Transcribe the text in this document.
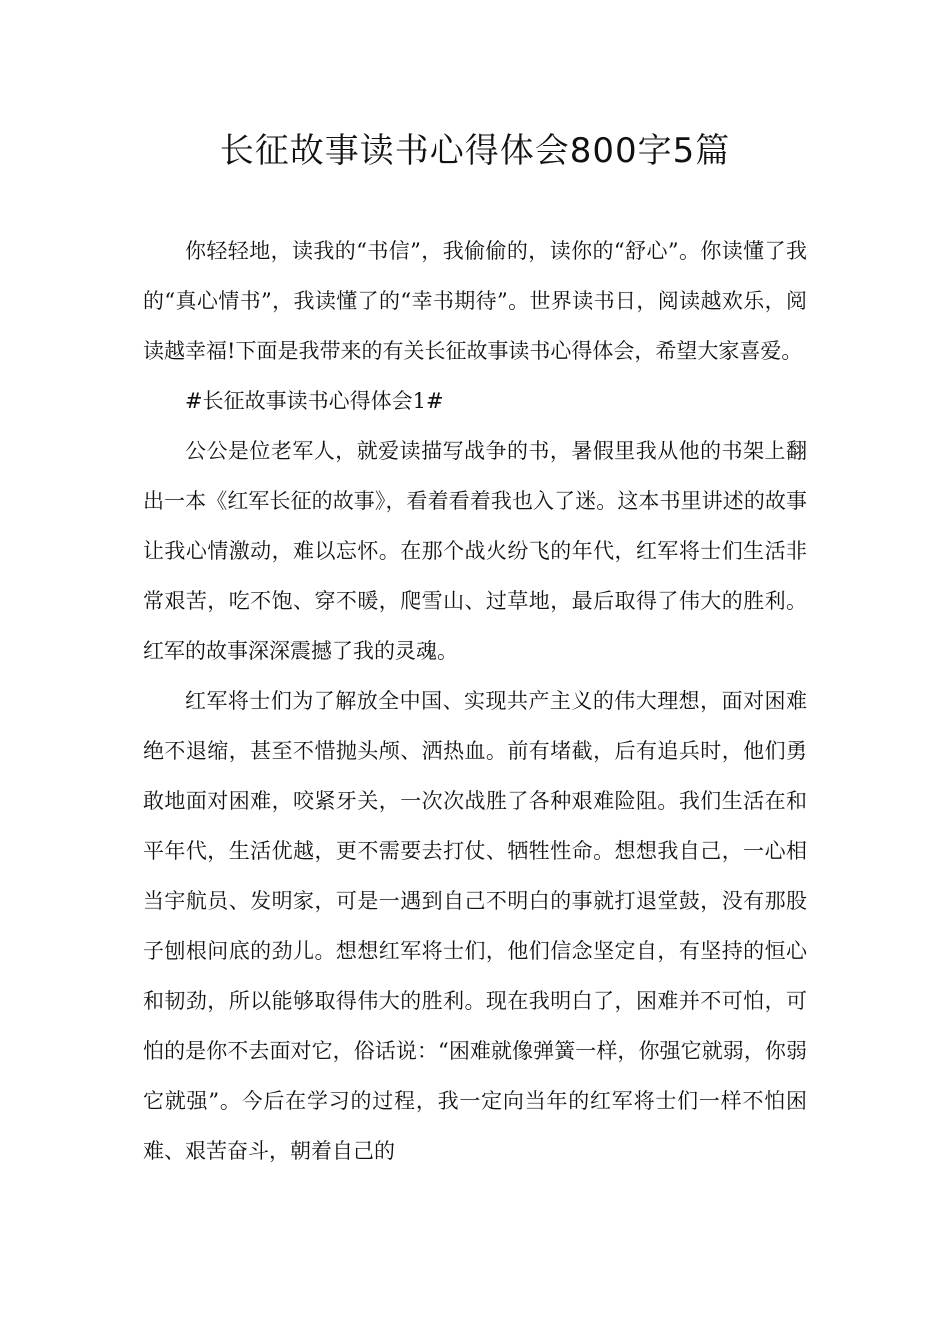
长征故事读书心得体会800字5篇

你轻轻地，读我的“书信”，我偷偷的，读你的“舒心”。你读懂了我的“真心情书”，我读懂了的“幸书期待”。世界读书日，阅读越欢乐，阅读越幸福!下面是我带来的有关长征故事读书心得体会，希望大家喜爱。

#长征故事读书心得体会1#

公公是位老军人，就爱读描写战争的书，暑假里我从他的书架上翻出一本《红军长征的故事》，看着看着我也入了迷。这本书里讲述的故事让我心情激动，难以忘怀。在那个战火纷飞的年代，红军将士们生活非常艰苦，吃不饱、穿不暖，爬雪山、过草地，最后取得了伟大的胜利。红军的故事深深震撼了我的灵魂。

红军将士们为了解放全中国、实现共产主义的伟大理想，面对困难绝不退缩，甚至不惜抛头颅、洒热血。前有堵截，后有追兵时，他们勇敢地面对困难，咬紧牙关，一次次战胜了各种艰难险阻。我们生活在和平年代，生活优越，更不需要去打仗、牺牲性命。想想我自己，一心相当宇航员、发明家，可是一遇到自己不明白的事就打退堂鼓，没有那股子刨根问底的劲儿。想想红军将士们，他们信念坚定自，有坚持的恒心和韧劲，所以能够取得伟大的胜利。现在我明白了，困难并不可怕，可怕的是你不去面对它，俗话说：“困难就像弹簧一样，你强它就弱，你弱它就强”。今后在学习的过程，我一定向当年的红军将士们一样不怕困难、艰苦奋斗，朝着自己的
